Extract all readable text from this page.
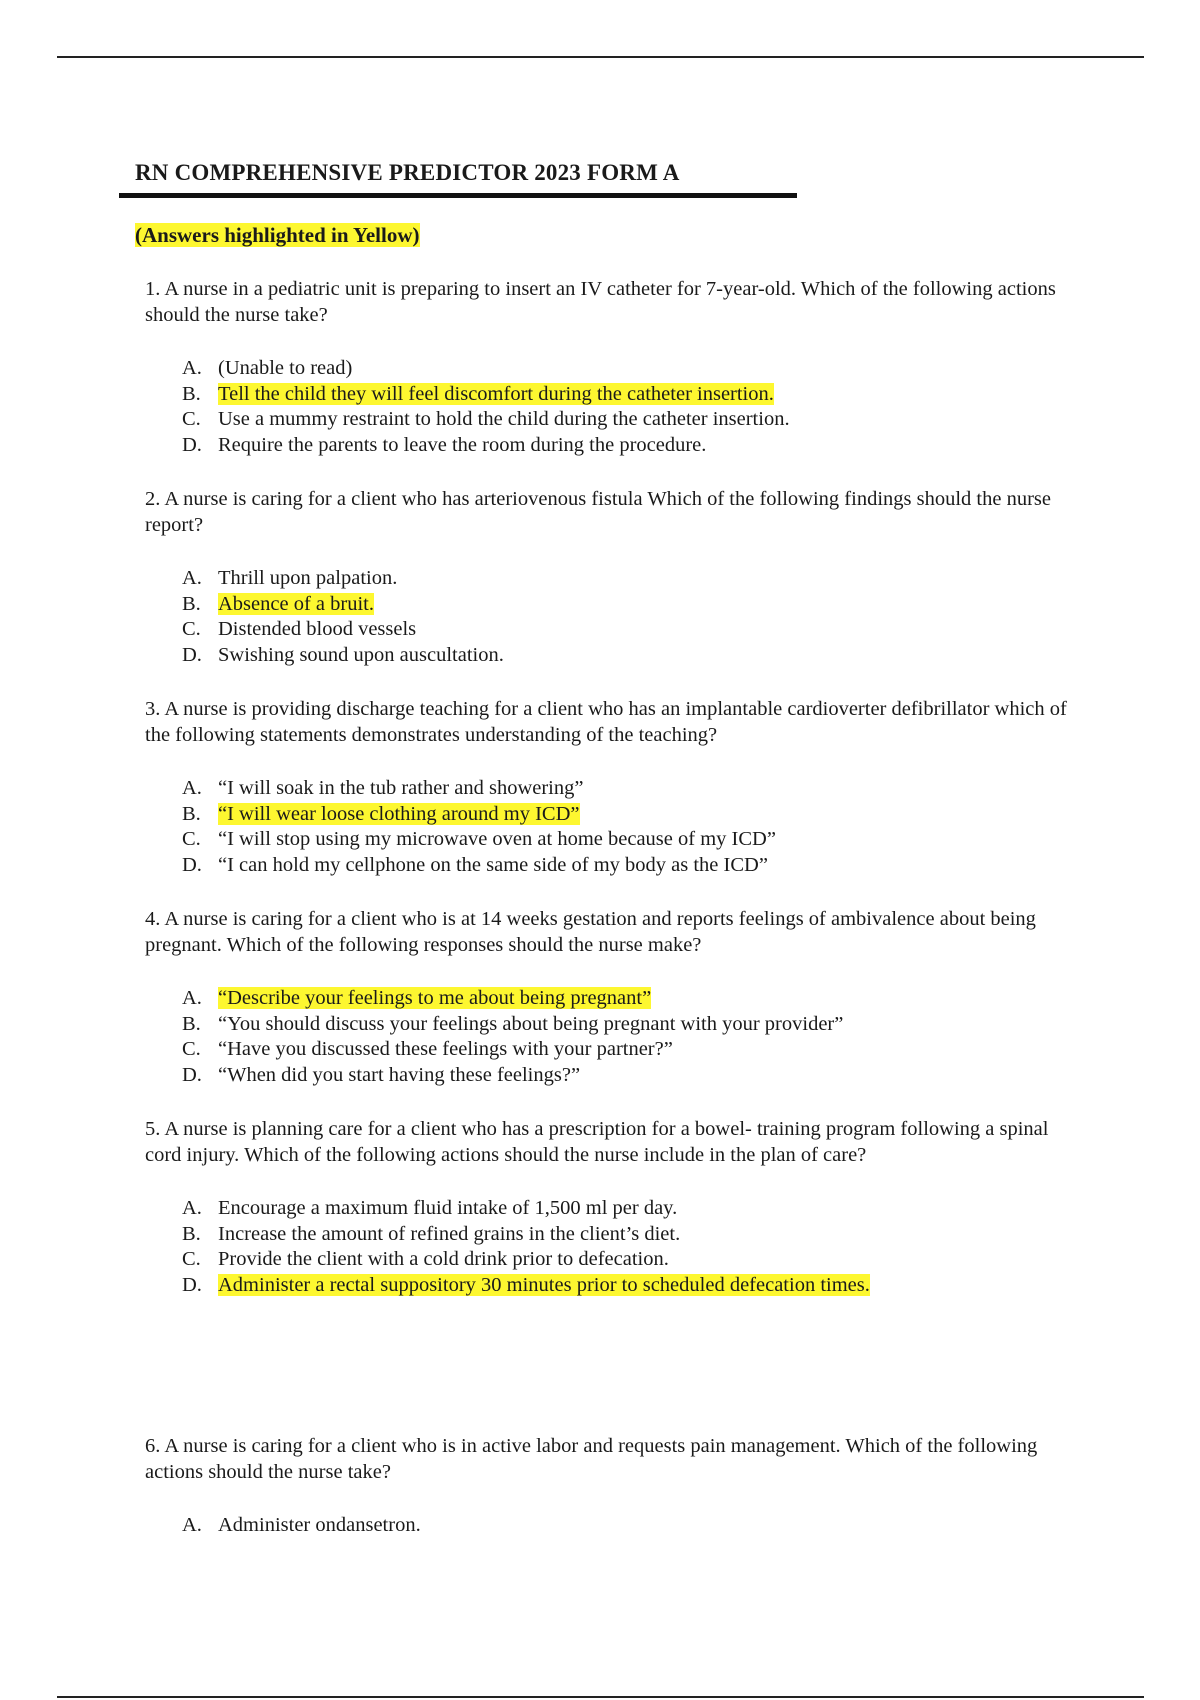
RN COMPREHENSIVE PREDICTOR 2023 FORM A
(Answers highlighted in Yellow)

1. A nurse in a pediatric unit is preparing to insert an IV catheter for 7-year-old. Which of the following actions should the nurse take?

A. (Unable to read)
B. Tell the child they will feel discomfort during the catheter insertion.
C. Use a mummy restraint to hold the child during the catheter insertion.
D. Require the parents to leave the room during the procedure.

2. A nurse is caring for a client who has arteriovenous fistula Which of the following findings should the nurse report?

A. Thrill upon palpation.
B. Absence of a bruit.
C. Distended blood vessels
D. Swishing sound upon auscultation.

3. A nurse is providing discharge teaching for a client who has an implantable cardioverter defibrillator which of the following statements demonstrates understanding of the teaching?

A. “I will soak in the tub rather and showering”
B. “I will wear loose clothing around my ICD”
C. “I will stop using my microwave oven at home because of my ICD”
D. “I can hold my cellphone on the same side of my body as the ICD”

4. A nurse is caring for a client who is at 14 weeks gestation and reports feelings of ambivalence about being pregnant. Which of the following responses should the nurse make?

A. “Describe your feelings to me about being pregnant”
B. “You should discuss your feelings about being pregnant with your provider”
C. “Have you discussed these feelings with your partner?”
D. “When did you start having these feelings?”

5. A nurse is planning care for a client who has a prescription for a bowel- training program following a spinal cord injury. Which of the following actions should the nurse include in the plan of care?

A. Encourage a maximum fluid intake of 1,500 ml per day.
B. Increase the amount of refined grains in the client’s diet.
C. Provide the client with a cold drink prior to defecation.
D. Administer a rectal suppository 30 minutes prior to scheduled defecation times.

6. A nurse is caring for a client who is in active labor and requests pain management. Which of the following actions should the nurse take?

A. Administer ondansetron.
